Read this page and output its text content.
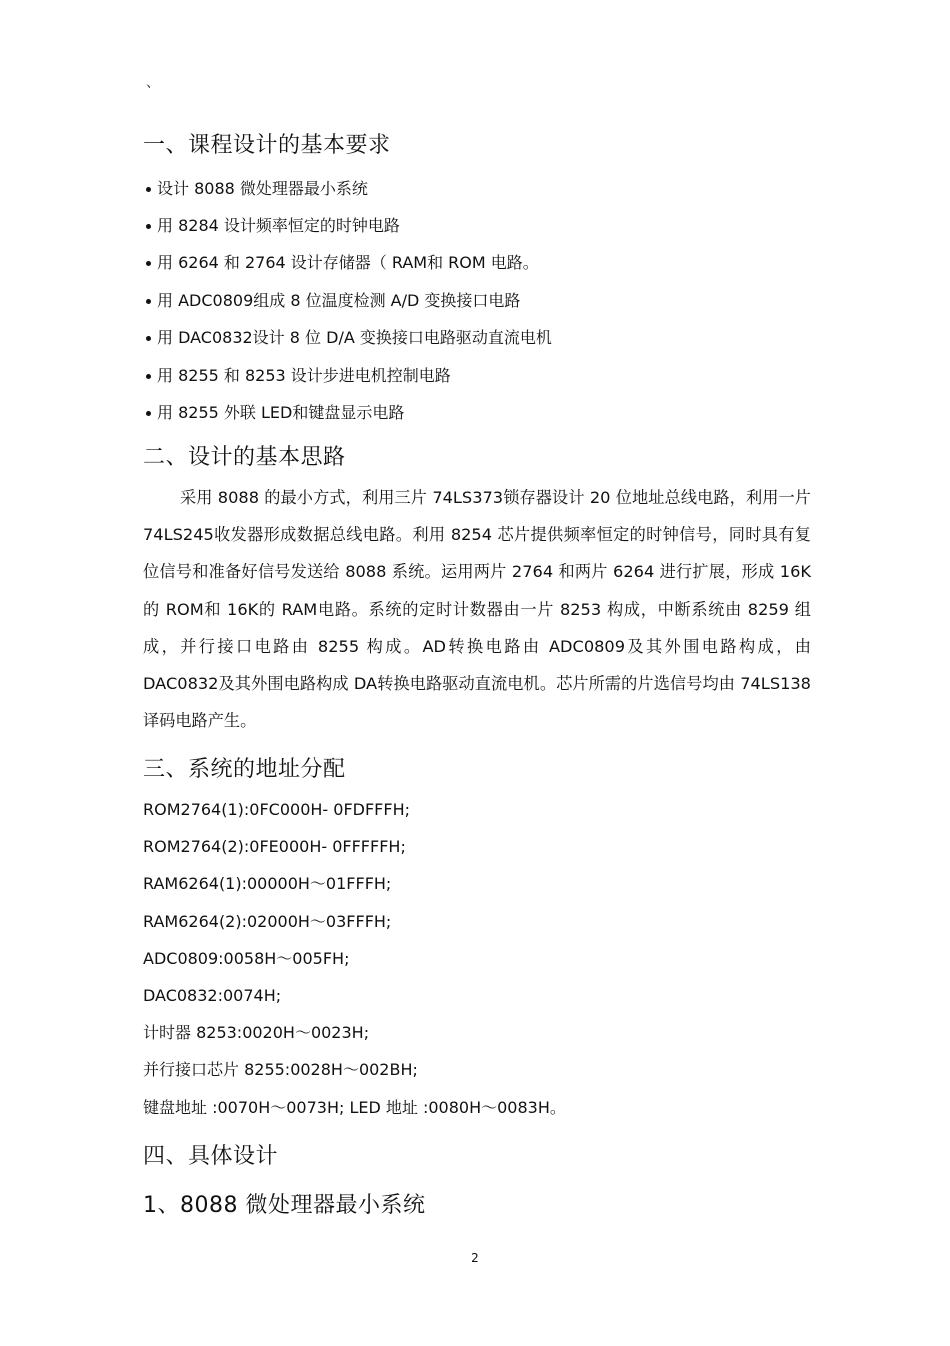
、
一、课程设计的基本要求
设计 8088 微处理器最小系统
用 8284 设计频率恒定的时钟电路
用 6264 和 2764 设计存储器（ RAM和 ROM 电路。
用 ADC0809组成 8 位温度检测 A/D 变换接口电路
用 DAC0832设计 8 位 D/A 变换接口电路驱动直流电机
用 8255 和 8253 设计步进电机控制电路
用 8255 外联 LED和键盘显示电路
二、设计的基本思路

采用 8088 的最小方式，利用三片 74LS373锁存器设计 20 位地址总线电路，利用一片 74LS245收发器形成数据总线电路。利用 8254 芯片提供频率恒定的时钟信号，同时具有复位信号和准备好信号发送给 8088 系统。运用两片 2764 和两片 6264 进行扩展，形成 16K的 ROM和 16K的 RAM电路。系统的定时计数器由一片 8253 构成，中断系统由 8259 组成，并行接口电路由 8255 构成。AD转换电路由 ADC0809及其外围电路构成，由 DAC0832及其外围电路构成 DA转换电路驱动直流电机。芯片所需的片选信号均由 74LS138译码电路产生。

三、系统的地址分配
ROM2764(1):0FC000H- 0FDFFFH;
ROM2764(2):0FE000H- 0FFFFFH;
RAM6264(1):00000H～01FFFH;
RAM6264(2):02000H～03FFFH;
ADC0809:0058H～005FH;
DAC0832:0074H;
计时器 8253:0020H～0023H;
并行接口芯片 8255:0028H～002BH;
键盘地址 :0070H～0073H; LED 地址 :0080H～0083H。
四、具体设计
1、8088 微处理器最小系统
2
